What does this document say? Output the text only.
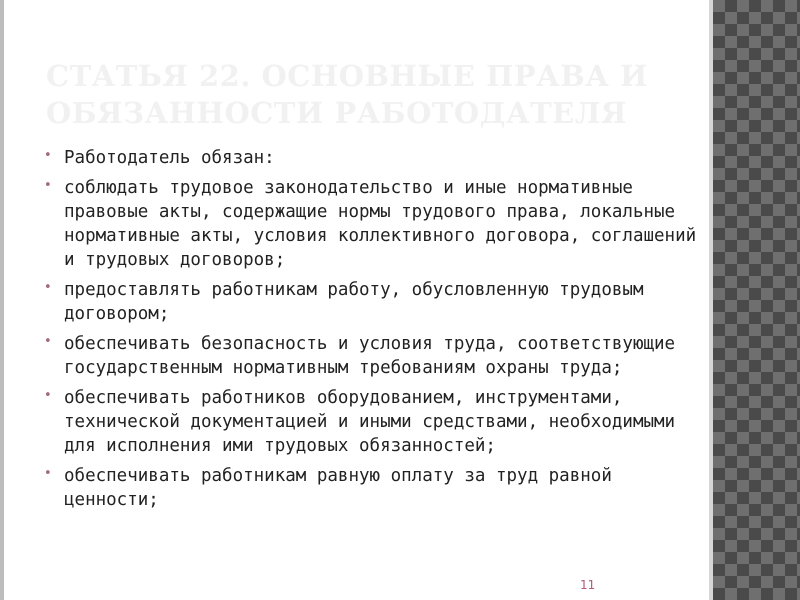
СТАТЬЯ 22. ОСНОВНЫЕ ПРАВА И ОБЯЗАННОСТИ РАБОТОДАТЕЛЯ
• Работодатель обязан:
• соблюдать трудовое законодательство и иные нормативные правовые акты, содержащие нормы трудового права, локальные нормативные акты, условия коллективного договора, соглашений и трудовых договоров;
• предоставлять работникам работу, обусловленную трудовым договором;
• обеспечивать безопасность и условия труда, соответствующие государственным нормативным требованиям охраны труда;
• обеспечивать работников оборудованием, инструментами, технической документацией и иными средствами, необходимыми для исполнения ими трудовых обязанностей;
• обеспечивать работникам равную оплату за труд равной ценности;
11
